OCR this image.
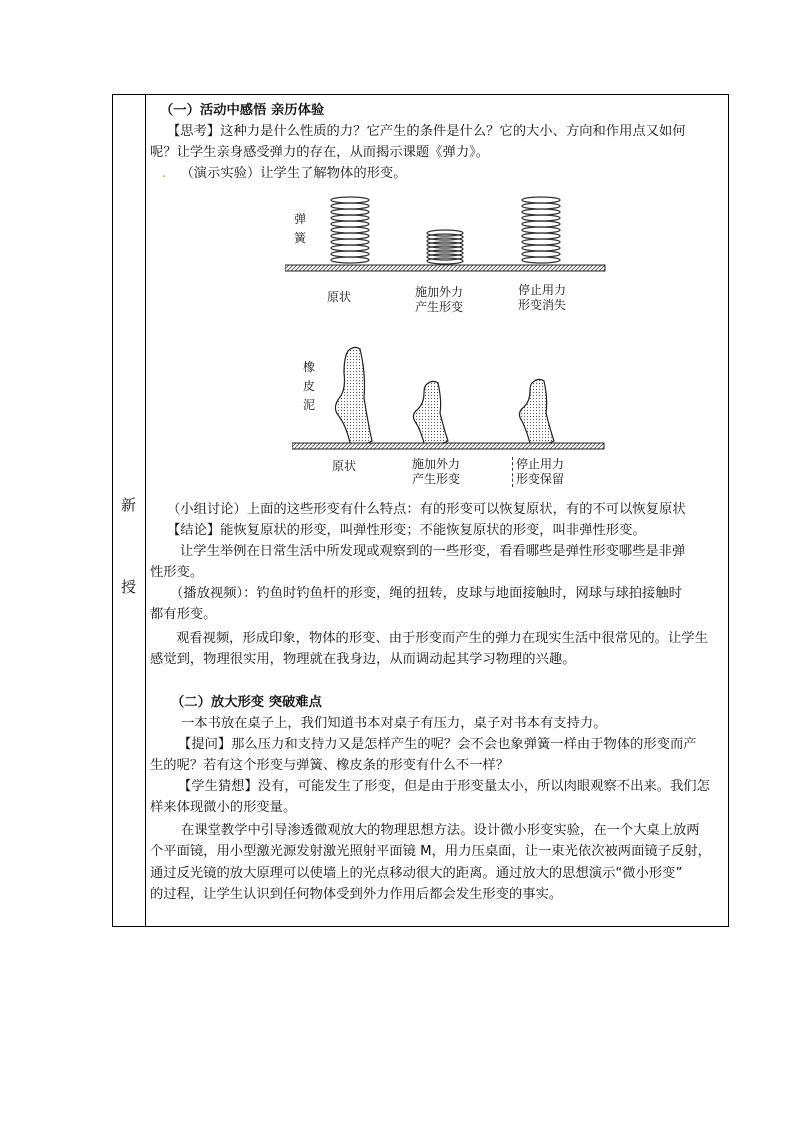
新
授
（一）活动中感悟 亲历体验
【思考】这种力是什么性质的力？它产生的条件是什么？它的大小、方向和作用点又如何
呢？让学生亲身感受弹力的存在，从而揭示课题《弹力》。
. （演示实验）让学生了解物体的形变。
弹簧
原状	施加外力
产生形变
停止用力
形变消失
橡皮泥
原状	施加外力
产生形变
停止用力
形变保留
（小组讨论）上面的这些形变有什么特点：有的形变可以恢复原状，有的不可以恢复原状
【结论】能恢复原状的形变，叫弹性形变；不能恢复原状的形变，叫非弹性形变。
让学生举例在日常生活中所发现或观察到的一些形变，看看哪些是弹性形变哪些是非弹
性形变。
（播放视频）：钓鱼时钓鱼杆的形变，绳的扭转，皮球与地面接触时，网球与球拍接触时
都有形变。
观看视频，形成印象，物体的形变、由于形变而产生的弹力在现实生活中很常见的。让学生
感觉到，物理很实用，物理就在我身边，从而调动起其学习物理的兴趣。
（二）放大形变 突破难点
一本书放在桌子上，我们知道书本对桌子有压力，桌子对书本有支持力。
【提问】那么压力和支持力又是怎样产生的呢？会不会也象弹簧一样由于物体的形变而产
生的呢？若有这个形变与弹簧、橡皮条的形变有什么不一样？
【学生猜想】没有，可能发生了形变，但是由于形变量太小，所以肉眼观察不出来。我们怎
样来体现微小的形变量。
在课堂教学中引导渗透微观放大的物理思想方法。设计微小形变实验，在一个大桌上放两
个平面镜，用小型激光源发射激光照射平面镜 M，用力压桌面，让一束光依次被两面镜子反射，
通过反光镜的放大原理可以使墙上的光点移动很大的距离。通过放大的思想演示“微小形变”
的过程，让学生认识到任何物体受到外力作用后都会发生形变的事实。
